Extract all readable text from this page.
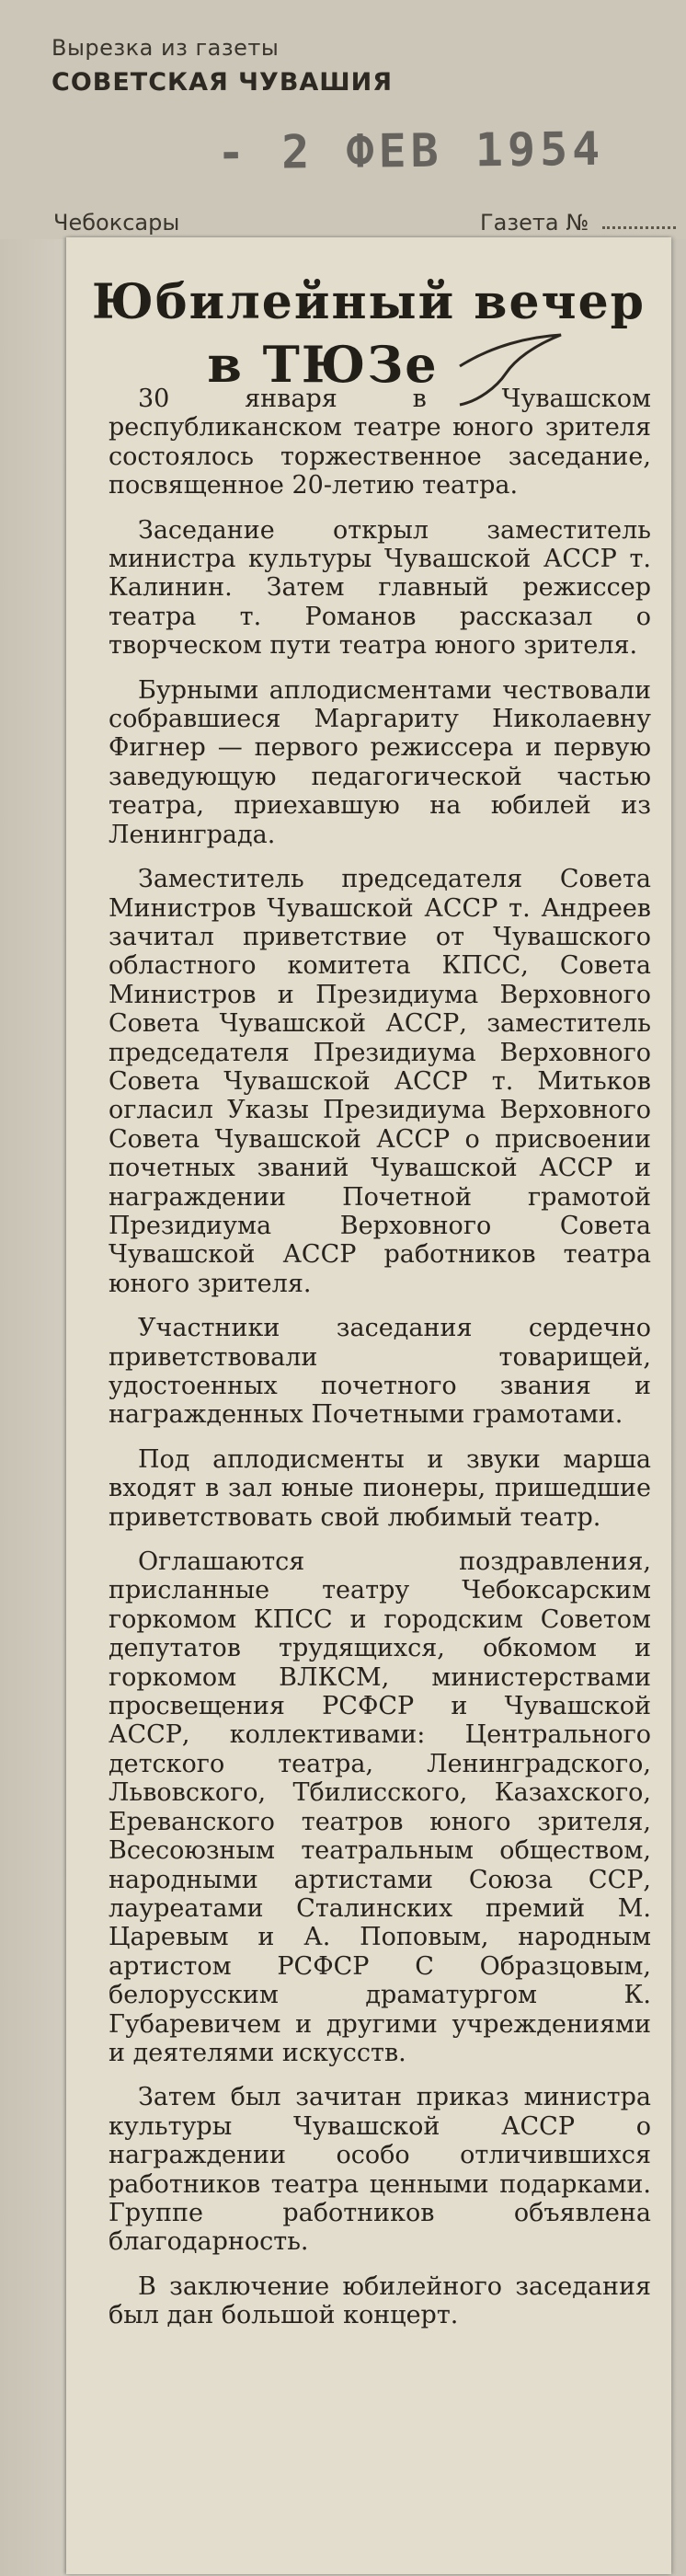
Вырезка из газеты
СОВЕТСКАЯ ЧУВАШИЯ
- 2 ФЕВ 1954
Чебоксары	Газета №
Юбилейный вечер
в ТЮЗе

30 января в Чувашском республиканском театре юного зрителя состоялось торжественное заседание, посвященное 20-летию театра.

Заседание открыл заместитель министра культуры Чувашской АССР т. Калинин. Затем главный режиссер театра т. Романов рассказал о творческом пути театра юного зрителя.

Бурными аплодисментами чествовали собравшиеся Маргариту Николаевну Фигнер — первого режиссера и первую заведующую педагогической частью театра, приехавшую на юбилей из Ленинграда.

Заместитель председателя Совета Министров Чувашской АССР т. Андреев зачитал приветствие от Чувашского областного комитета КПСС, Совета Министров и Президиума Верховного Совета Чувашской АССР, заместитель председателя Президиума Верховного Совета Чувашской АССР т. Митьков огласил Указы Президиума Верховного Совета Чувашской АССР о присвоении почетных званий Чувашской АССР и награждении Почетной грамотой Президиума Верховного Совета Чувашской АССР работников театра юного зрителя.

Участники заседания сердечно приветствовали товарищей, удостоенных почетного звания и награжденных Почетными грамотами.

Под аплодисменты и звуки марша входят в зал юные пионеры, пришедшие приветствовать свой любимый театр.

Оглашаются поздравления, присланные театру Чебоксарским горкомом КПСС и городским Советом депутатов трудящихся, обкомом и горкомом ВЛКСМ, министерствами просвещения РСФСР и Чувашской АССР, коллективами: Центрального детского театра, Ленинградского, Львовского, Тбилисского, Казахского, Ереванского театров юного зрителя, Всесоюзным театральным обществом, народными артистами Союза ССР, лауреатами Сталинских премий М. Царевым и А. Поповым, народным артистом РСФСР С Образцовым, белорусским драматургом К. Губаревичем и другими учреждениями и деятелями искусств.

Затем был зачитан приказ министра культуры Чувашской АССР о награждении особо отличившихся работников театра ценными подарками. Группе работников объявлена благодарность.

В заключение юбилейного заседания был дан большой концерт.
